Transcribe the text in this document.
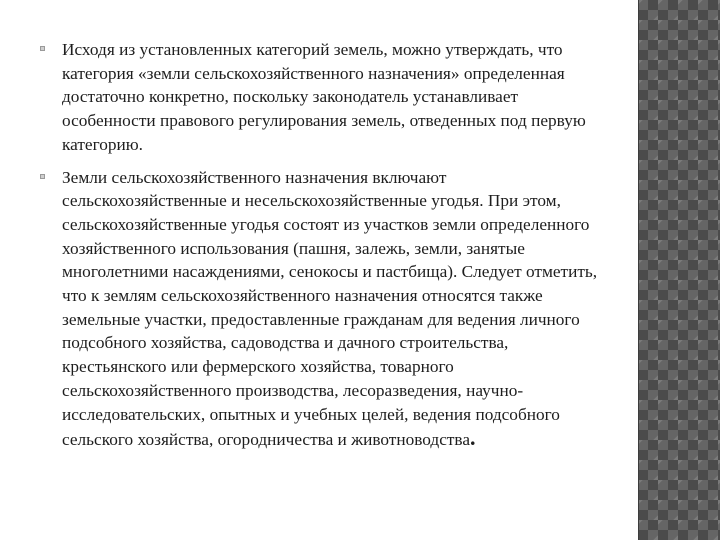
Исходя из установленных категорий земель, можно утверждать, что категория «земли сельскохозяйственного назначения» определенная достаточно конкретно, поскольку законодатель устанавливает особенности правового регулирования земель, отведенных под первую категорию.
Земли сельскохозяйственного назначения включают сельскохозяйственные и несельскохозяйственные угодья. При этом, сельскохозяйственные угодья состоят из участков земли определенного хозяйственного использования (пашня, залежь, земли, занятые многолетними насаждениями, сенокосы и пастбища). Следует отметить, что к землям сельскохозяйственного назначения относятся также земельные участки, предоставленные гражданам для ведения личного подсобного хозяйства, садоводства и дачного строительства, крестьянского или фермерского хозяйства, товарного сельскохозяйственного производства, лесоразведения, научно-исследовательских, опытных и учебных целей, ведения подсобного сельского хозяйства, огородничества и животноводства.
